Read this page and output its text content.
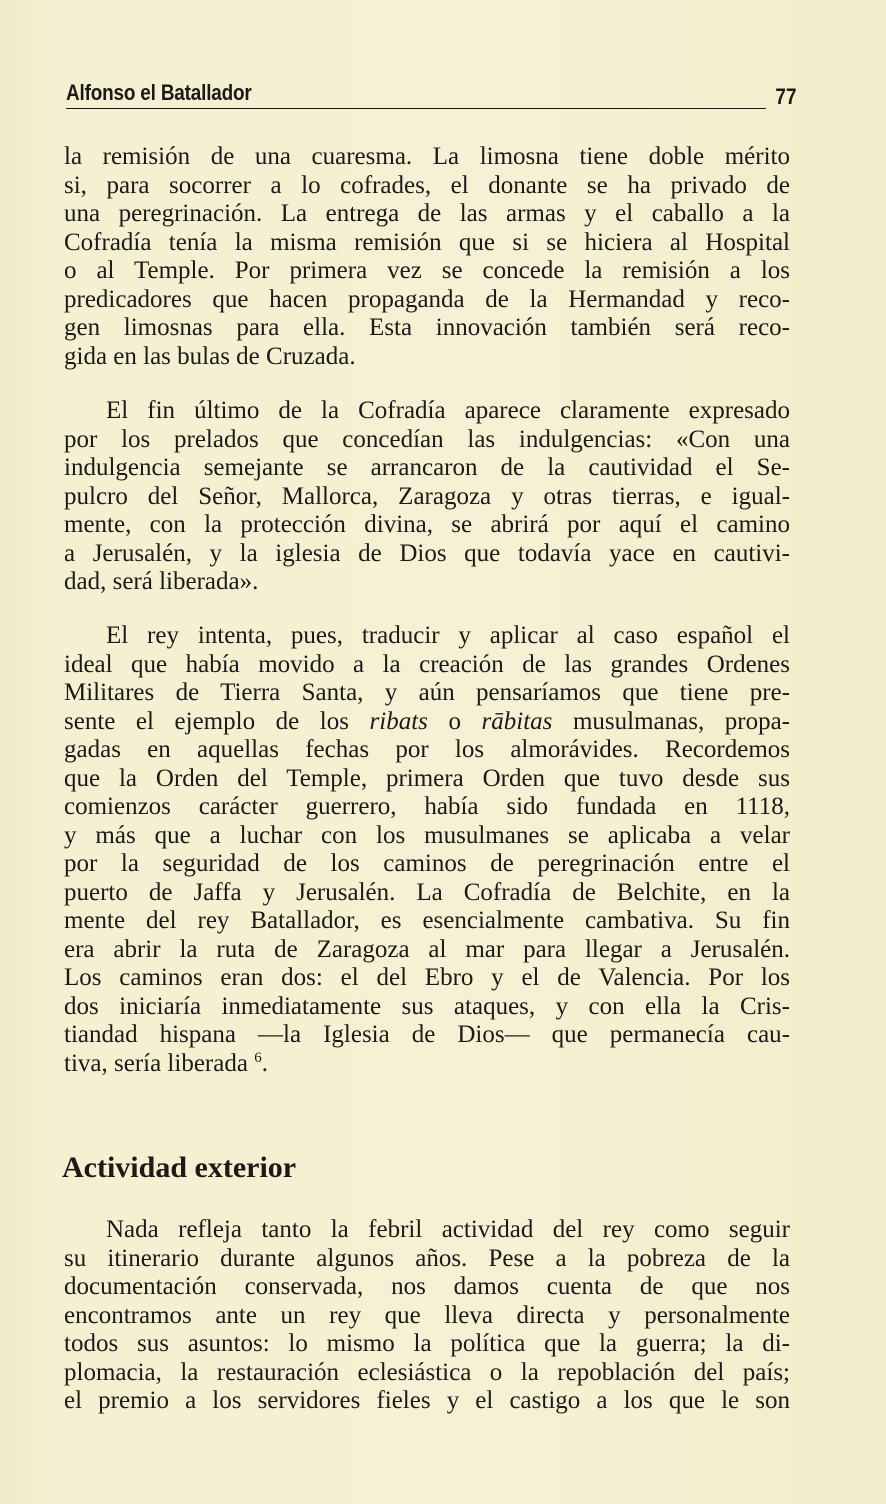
Alfonso el Batallador	77
la remisión de una cuaresma. La limosna tiene doble mérito
si, para socorrer a lo cofrades, el donante se ha privado de
una peregrinación. La entrega de las armas y el caballo a la
Cofradía tenía la misma remisión que si se hiciera al Hospital
o al Temple. Por primera vez se concede la remisión a los
predicadores que hacen propaganda de la Hermandad y reco-
gen limosnas para ella. Esta innovación también será reco-
gida en las bulas de Cruzada.
El fin último de la Cofradía aparece claramente expresado
por los prelados que concedían las indulgencias: «Con una
indulgencia semejante se arrancaron de la cautividad el Se-
pulcro del Señor, Mallorca, Zaragoza y otras tierras, e igual-
mente, con la protección divina, se abrirá por aquí el camino
a Jerusalén, y la iglesia de Dios que todavía yace en cautivi-
dad, será liberada».
El rey intenta, pues, traducir y aplicar al caso español el
ideal que había movido a la creación de las grandes Ordenes
Militares de Tierra Santa, y aún pensaríamos que tiene pre-
sente el ejemplo de los ribats o rābitas musulmanas, propa-
gadas en aquellas fechas por los almorávides. Recordemos
que la Orden del Temple, primera Orden que tuvo desde sus
comienzos carácter guerrero, había sido fundada en 1118,
y más que a luchar con los musulmanes se aplicaba a velar
por la seguridad de los caminos de peregrinación entre el
puerto de Jaffa y Jerusalén. La Cofradía de Belchite, en la
mente del rey Batallador, es esencialmente cambativa. Su fin
era abrir la ruta de Zaragoza al mar para llegar a Jerusalén.
Los caminos eran dos: el del Ebro y el de Valencia. Por los
dos iniciaría inmediatamente sus ataques, y con ella la Cris-
tiandad hispana —la Iglesia de Dios— que permanecía cau-
tiva, sería liberada $^6$.
Actividad exterior
Nada refleja tanto la febril actividad del rey como seguir
su itinerario durante algunos años. Pese a la pobreza de la
documentación conservada, nos damos cuenta de que nos
encontramos ante un rey que lleva directa y personalmente
todos sus asuntos: lo mismo la política que la guerra; la di-
plomacia, la restauración eclesiástica o la repoblación del país;
el premio a los servidores fieles y el castigo a los que le son
